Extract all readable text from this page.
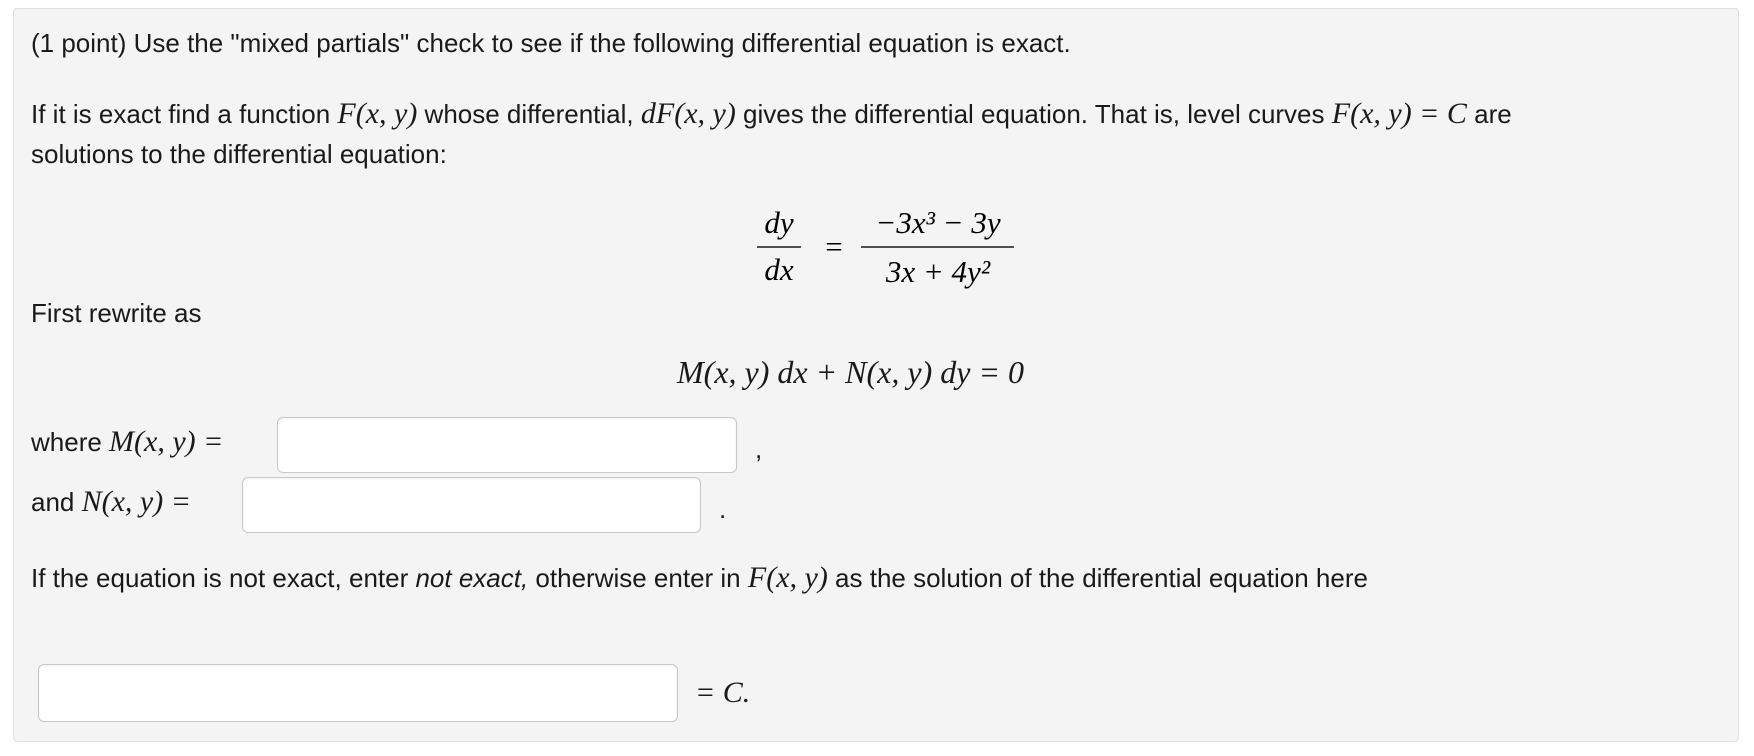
(1 point) Use the "mixed partials" check to see if the following differential equation is exact.
If it is exact find a function F(x, y) whose differential, dF(x, y) gives the differential equation. That is, level curves F(x, y) = C are
solutions to the differential equation:
dy
dx
=
−3x³ − 3y
3x + 4y²
First rewrite as
M(x, y) dx + N(x, y) dy = 0
where M(x, y) =	,
and N(x, y) =	.
If the equation is not exact, enter not exact, otherwise enter in F(x, y) as the solution of the differential equation here
= C.
